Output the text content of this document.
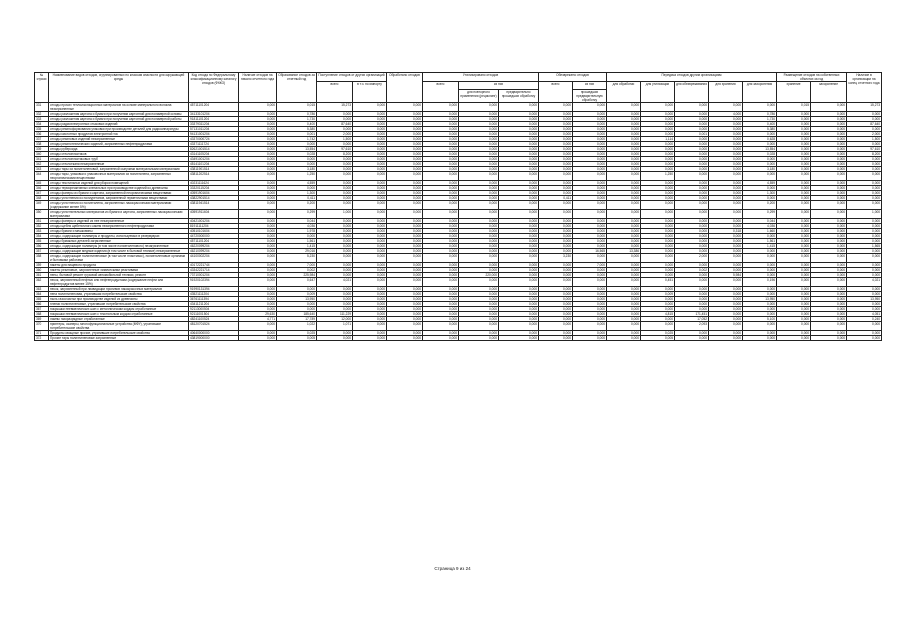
№ строки	Наименование видов отходов, сгруппированных по классам опасности для окружающей среды	Код отхода по Федеральному классификационному каталогу отходов (ФККО)	Наличие отходов на начало отчетного года	Образование отходов за отчетный год	Поступление отходов от других организаций		Обработано отходов	Утилизировано отходов			Обезврежено отходов		Передача отходов другим организациям					Размещение отходов на собственных объектах за год		Наличие в организации на конец отчетного года	
					всего	в т.ч. по импорту		всего	из них		всего	из них	для обработки	для утилизации	для обезвреживания	для хранения	для захоронения	хранение	захоронение		
									для повторного применения (рециклинг)	предварительно прошедших обработку		прошедших предварительную обработку									
331	отходы прочих теплоизоляционных материалов на основе минерального волокна незагрязненные	45711101204	0,000	0,015	15,273	0,000	0,000	0,000	0,000	0,000	0,000	0,000	0,000	0,000	0,000	0,000	0,000	0,015	0,000	15,273	
332	отходы разложения картона и бумаги при получении картонной для полимерной основы	34133101204	0,000	0,786	0,000	0,000	0,000	0,000	0,000	0,000	0,000	0,000	0,000	0,000	0,000	4,000	0,786	0,000	0,000	0,000	
333	отходы разложения картона и бумаги при получении картонной для полимерной работы	91811101204	0,000	1,730	0,000	0,000	0,000	0,000	0,000	0,000	0,000	0,000	0,000	0,000	0,000	0,000	1,730	0,000	0,000	0,000	
334	отходы радиоэлектронных стыковых изделий	33379311204	0,000	0,400	87,640	0,000	0,000	0,000	0,000	0,000	0,000	0,000	0,000	0,000	0,000	0,000	0,400	0,000	0,000	87,640	
335	отходы резиноформования упаковки при производстве деталей для радиоаппаратуры	57131011204	0,000	5,380	0,000	0,000	0,000	0,000	0,000	0,000	0,000	0,000	0,000	0,000	0,000	0,000	5,380	0,000	0,000	0,000	
336	отходы кислотных продуктов электронной ток	94131001204	0,000	0,001	2,000	0,000	0,000	0,000	0,000	0,000	0,000	0,000	0,000	0,000	0,001	0,000	0,000	0,000	0,000	2,000	
337	отходы резиновых изделий незагрязненные	43370000724	0,000	1,742	1,500	0,000	0,000	0,000	0,000	0,000	0,000	0,000	0,000	1,114	0,000	0,000	0,628	0,000	0,000	1,500	
338	отходы резинотехнических изделий, загрязненных нефтепродуктами	43371111724	0,000	0,000	0,000	0,000	0,000	0,000	0,000	0,000	0,000	0,000	0,000	0,000	0,000	0,000	0,000	0,000	0,000	0,000	
339	отходы рубероида	82621001514	0,000	13,554	97,610	0,000	0,000	0,000	0,000	0,000	0,000	0,000	0,000	0,000	0,000	0,000	13,554	0,000	0,000	97,610	
340	отходы стеклопластиков	43141105204	0,000	0,028	8,200	0,000	0,000	0,000	0,000	0,000	0,000	0,000	0,000	0,000	0,000	0,000	0,028	0,000	0,000	8,200	
341	отходы стеклопластиковых труб	43491001204	0,000	0,000	0,000	0,000	0,000	0,000	0,000	0,000	0,000	0,000	0,000	0,000	0,000	0,000	0,000	0,000	0,000	0,000	
342	отходы стеклоткани незагрязненные	45141101204	0,000	0,000	0,000	0,000	0,000	0,000	0,000	0,000	0,000	0,000	0,000	0,000	0,000	0,000	0,000	0,000	0,000	0,000	
343	отходы тары из полиэтиленовой, загрязненной сыпучими минеральными материалами	43811901514	0,000	3,180	0,000	0,000	0,000	0,000	0,000	0,000	0,000	0,000	0,000	0,000	0,000	0,000	3,180	0,000	0,000	0,000	
344	отходы тары, упаковки и упаковочных материалов из полиэтилена, загрязненных неорганическими веществами	43811202514	0,000	1,250	0,000	0,000	0,000	0,000	0,000	0,000	0,000	0,000	0,000	1,250	0,000	0,000	0,000	0,000	0,000	0,000	
345	отходы текстильных изделий для уборки помещений	40231111624	0,000	4,559	0,000	0,000	0,000	0,000	0,000	0,000	0,000	0,000	0,000	0,000	0,000	0,000	4,559	0,000	0,000	0,000	
346	отходы термореактивных клепальных при производстве изделий из древесины	33320115204	0,000	0,000	0,000	0,000	0,000	0,000	0,000	0,000	0,000	0,000	0,000	0,000	0,000	0,000	0,000	0,000	0,000	0,000	
347	отходы фанеры из бумаги и картона, загрязненной неорганическими веществами	40591901604	0,000	1,300	0,000	0,000	0,000	0,000	0,000	0,000	0,000	0,000	0,000	0,000	0,000	0,000	1,300	0,000	0,000	0,000	
348	отходы уплотнения из полиуретанов, загрязненной герметичными веществами	43822901514	0,000	0,411	0,000	0,000	0,000	0,000	0,000	0,000	0,411	0,000	0,000	0,000	0,000	0,000	0,000	0,000	0,000	0,000	
349	отходы уплотнения из полиэтилена, загрязненных лакокрасочными материалами (содержание менее 5%)	43811941514	0,000	0,200	0,000	0,000	0,000	0,000	0,000	0,000	0,000	0,000	0,000	0,000	0,000	0,000	0,200	0,000	0,000	0,000	
350	отходы уплотнительных материалов из бумаги и картона, загрязненных лакокрасочными материалами	40591911604	0,000	0,299	1,000	0,000	0,000	0,000	0,000	0,000	0,000	0,000	0,000	0,000	0,000	0,000	0,299	0,000	0,000	1,000	
351	отходы фанеры и изделий из нее незагрязненные	40421001204	0,000	0,044	0,000	0,000	0,000	0,000	0,000	0,000	0,000	0,000	0,000	0,000	0,000	0,000	0,044	0,000	0,000	0,000	
352	отходы щебня щебеночного камня незагрязненного нефтепродуктами	81911111204	0,000	4,036	0,000	0,000	0,000	0,000	0,000	0,000	0,000	0,000	0,000	0,000	0,000	0,000	4,036	0,000	0,000	0,000	
353	отходы бумаги и мешковины	40510101604	0,000	1,978	0,000	0,000	0,000	0,000	0,000	0,000	0,000	0,000	0,000	0,000	0,000	0,318	1,660	0,000	0,000	0,000	
354	отходы, содержащие полимеры и продукты, используемых в резервуарах	44720000000	0,000	0,000	0,000	0,000	0,000	0,000	0,000	0,000	0,000	0,000	0,000	0,000	0,000	0,000	0,000	0,000	0,000	0,000	
355	отходы бумажных деталей загрязненные	45711101204	0,000	1,561	0,000	0,000	0,000	0,000	0,000	0,000	0,000	0,000	0,000	0,000	0,000	0,000	1,561	0,000	0,000	0,000	
356	отходы, содержащие полимеры (в том числе полиэтиленового) незагрязненные	46220099204	0,000	1,415	0,000	0,000	0,000	0,000	0,000	0,000	0,000	0,000	0,000	0,000	0,000	0,000	1,415	0,000	0,000	1,565	
357	отходы, содержащие медные изделия (в том числе в бытовой технике) незагрязненные	46210099204	0,000	29,016	0,000	0,000	0,000	0,000	0,000	0,000	0,000	16,565	13,386	0,000	0,000	0,000	0,000	0,000	0,000	0,000	
358	отходы, содержащие полиэтиленовые (в том числе пластмасс), полиэтиленовые органами и бытовыми работами	44100002204	0,000	5,230	0,000	0,000	0,000	0,000	0,000	0,000	3,230	0,000	0,000	0,000	2,000	0,000	0,000	0,000	0,000	0,000	
359	пакеты для пищевого продукта	40172221744	0,000	7,000	0,000	0,000	0,000	0,000	0,000	0,000	0,000	7,000	0,000	0,000	0,000	0,000	0,000	0,000	0,000	0,000	
360	пакеты резиновые, загрязненные химическими реактивами	43342221714	0,000	0,002	0,000	0,000	0,000	0,000	0,000	0,000	0,000	0,000	0,000	0,000	0,002	0,000	0,000	0,000	0,000	0,000	
361	пены, бытовой ремонт грузовой автомобильной техники, ремонт	73710001204	0,000	225,984	0,000	0,000	0,000	0,000	220,000	0,000	0,000	0,000	0,000	0,000	0,000	5,984	0,000	0,000	0,000	0,000	
362	песок, загрязненный нефтью или нефтепродуктами (содержание нефти или нефтепродуктов менее 15%)	91920102394	0,000	0,647	4,021	0,000	0,000	0,000	0,000	0,000	0,000	0,000	0,000	0,451	0,000	0,000	0,196	0,000	0,000	4,021	
363	песок, загрязненный при ликвидации проливов лакокрасочных материалов	91990131394	0,000	0,000	0,000	0,000	0,000	0,000	0,000	0,000	0,000	0,000	0,000	0,000	0,000	0,000	0,000	0,000	0,000	0,000	
364	пена полиэтиленовая, утратившая потребительские свойства	43521111204	0,000	0,009	0,000	0,000	0,000	0,000	0,000	0,000	0,000	0,000	0,000	0,009	0,000	0,000	0,000	0,000	0,000	0,000	
365	пыль газоочистки при производстве изделий из древесины	36761111394	0,000	13,950	0,000	0,000	0,000	0,000	0,000	0,000	0,000	0,000	0,000	0,000	0,000	0,000	13,950	0,000	0,000	13,950	
366	пленки полиэтиленовые, утратившие потребительские свойства	43411211204	0,000	0,000	0,000	0,000	0,000	0,000	0,000	0,000	0,000	0,000	0,000	0,000	0,000	0,000	0,000	0,000	0,000	0,000	
367	покрышки пневматических шин с металлическим кордом отработанные	92113000504	0,000	0,000	0,000	0,000	0,000	0,000	0,000	0,000	0,000	0,000	0,000	0,000	0,000	0,000	0,000	0,000	0,000	0,000	
368	покрышки пневматических шин с текстильным кордом отработанные	92111001504	29,630	185,640	111,229	0,000	0,000	0,000	0,000	0,000	0,000	0,000	0,000	4,815	171,451	0,000	0,000	0,000	0,000	4,051	
369	лампы газоразрядные отработанные	48241100524	4,771	17,789	12,000	0,000	0,000	0,000	0,000	0,000	0,000	0,000	0,000	0,000	17,052	0,000	5,100	0,000	0,000	0,240	
370	принтеры, сканеры, многофункциональные устройства (МФУ), утратившие потребительские свойства	48120701524	0,000	1,022	1,071	0,000	0,000	0,000	0,000	0,000	0,000	0,000	0,000	0,000	2,093	0,000	0,000	0,000	0,000	0,000	
371	Продукты овощные прочие, утратившие потребительские свойства	40640000000	0,000	0,025	0,000	0,000	0,000	0,000	0,000	0,000	0,000	0,000	0,000	0,025	0,000	0,000	0,000	0,000	0,000	0,000	
372	Прочие тары полиэтиленовые загрязненные	43819000000	0,000	0,005	0,000	0,000	0,000	0,000	0,000	0,000	0,000	0,000	0,000	0,005	0,000	0,000	0,000	0,000	0,000	0,000	
Страница 9 из 24
